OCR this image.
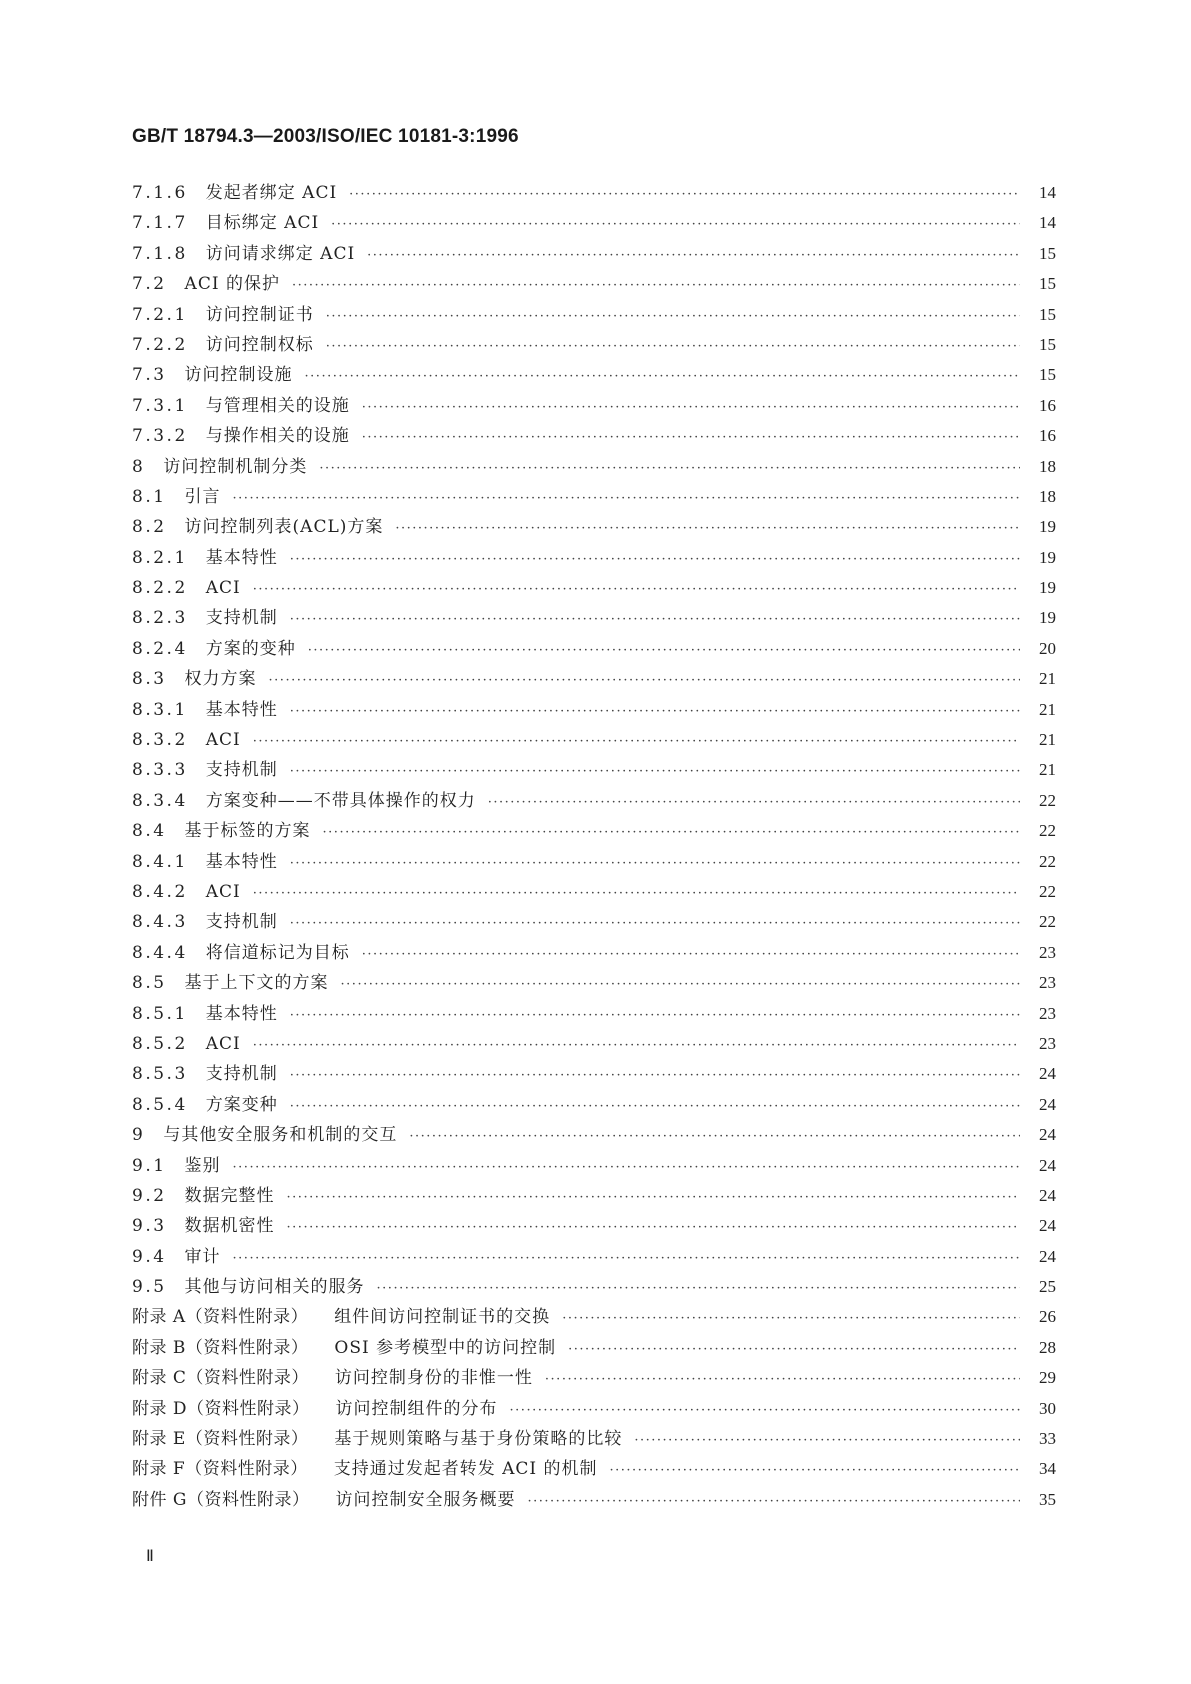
GB/T 18794.3—2003/ISO/IEC 10181-3:1996
7.1.6 发起者绑定 ACI ·····	14
7.1.7 目标绑定 ACI ·····	14
7.1.8 访问请求绑定 ACI ·····	15
7.2 ACI 的保护 ·····	15
7.2.1 访问控制证书 ·····	15
7.2.2 访问控制权标 ·····	15
7.3 访问控制设施 ·····	15
7.3.1 与管理相关的设施 ·····	16
7.3.2 与操作相关的设施 ·····	16
8 访问控制机制分类 ·····	18
8.1 引言 ·····	18
8.2 访问控制列表(ACL)方案 ·····	19
8.2.1 基本特性 ·····	19
8.2.2 ACI ·····	19
8.2.3 支持机制 ·····	19
8.2.4 方案的变种 ·····	20
8.3 权力方案 ·····	21
8.3.1 基本特性 ·····	21
8.3.2 ACI ·····	21
8.3.3 支持机制 ·····	21
8.3.4 方案变种——不带具体操作的权力 ·····	22
8.4 基于标签的方案 ·····	22
8.4.1 基本特性 ·····	22
8.4.2 ACI ·····	22
8.4.3 支持机制 ·····	22
8.4.4 将信道标记为目标 ·····	23
8.5 基于上下文的方案 ·····	23
8.5.1 基本特性 ·····	23
8.5.2 ACI ·····	23
8.5.3 支持机制 ·····	24
8.5.4 方案变种 ·····	24
9 与其他安全服务和机制的交互 ·····	24
9.1 鉴别 ·····	24
9.2 数据完整性 ·····	24
9.3 数据机密性 ·····	24
9.4 审计 ·····	24
9.5 其他与访问相关的服务 ·····	25
附录 A（资料性附录） 组件间访问控制证书的交换 ·····	26
附录 B（资料性附录） OSI 参考模型中的访问控制 ·····	28
附录 C（资料性附录） 访问控制身份的非惟一性 ·····	29
附录 D（资料性附录） 访问控制组件的分布 ·····	30
附录 E（资料性附录） 基于规则策略与基于身份策略的比较 ·····	33
附录 F（资料性附录） 支持通过发起者转发 ACI 的机制 ·····	34
附件 G（资料性附录） 访问控制安全服务概要 ·····	35
Ⅱ
